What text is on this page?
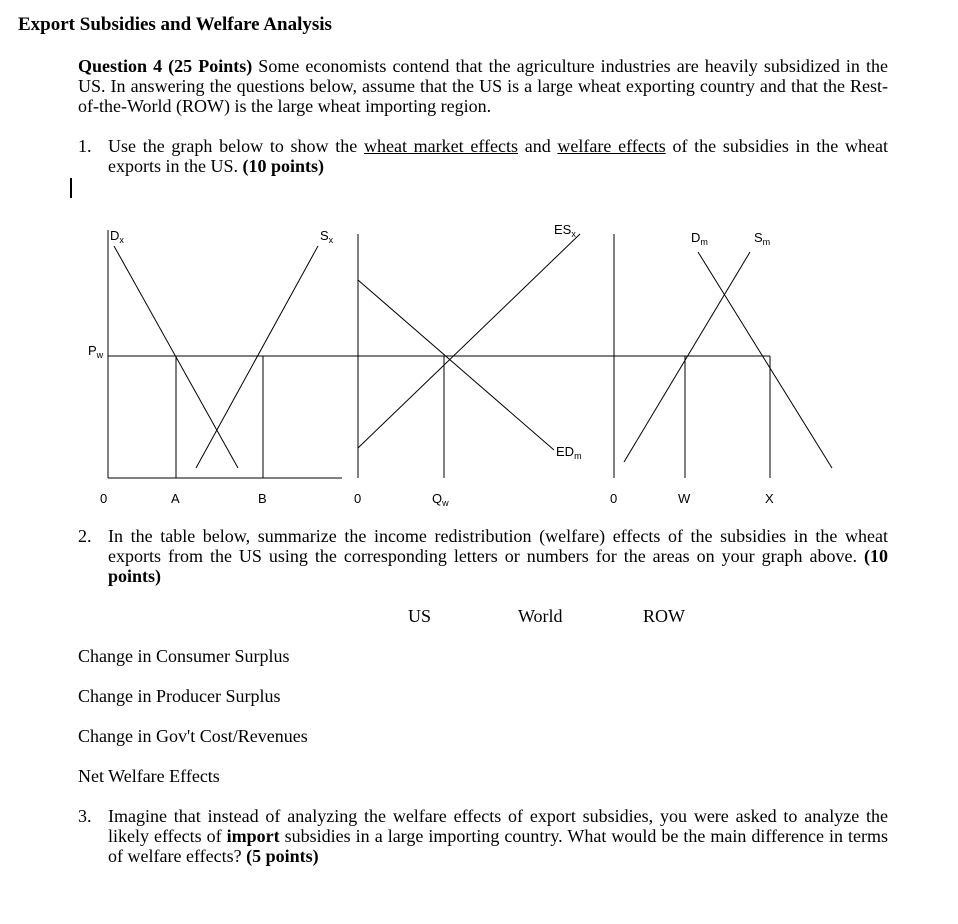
Export Subsidies and Welfare Analysis
Question 4 (25 Points) Some economists contend that the agriculture industries are heavily subsidized in the US. In answering the questions below, assume that the US is a large wheat exporting country and that the Rest-of-the-World (ROW) is the large wheat importing region.
1. Use the graph below to show the wheat market effects and welfare effects of the subsidies in the wheat exports in the US. (10 points)
$D_x$	$S_x$
$P_w$
$ES_x$
$ED_m$
$D_m$	$S_m$
0	A	B	0	$Q_w$	0	W	X
2. In the table below, summarize the income redistribution (welfare) effects of the subsidies in the wheat exports from the US using the corresponding letters or numbers for the areas on your graph above. (10 points)
US	World	ROW
Change in Consumer Surplus
Change in Producer Surplus
Change in Gov't Cost/Revenues
Net Welfare Effects
3. Imagine that instead of analyzing the welfare effects of export subsidies, you were asked to analyze the likely effects of import subsidies in a large importing country. What would be the main difference in terms of welfare effects? (5 points)
